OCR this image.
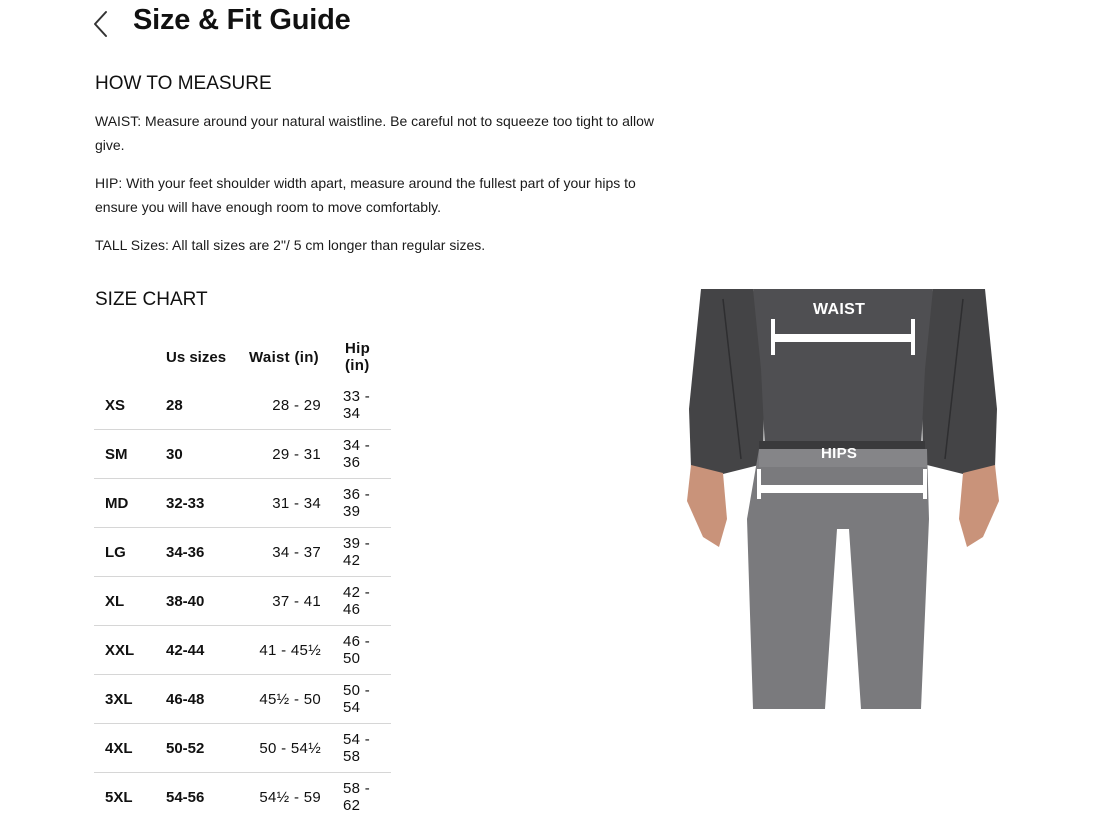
Size & Fit Guide
HOW TO MEASURE

WAIST: Measure around your natural waistline. Be careful not to squeeze too tight to allow give.

HIP: With your feet shoulder width apart, measure around the fullest part of your hips to ensure you will have enough room to move comfortably.

TALL Sizes: All tall sizes are 2"/ 5 cm longer than regular sizes.

SIZE CHART
	Us sizes	Waist (in)	Hip (in)
XS	28	28 - 29	33 - 34
SM	30	29 - 31	34 - 36
MD	32-33	31 - 34	36 - 39
LG	34-36	34 - 37	39 - 42
XL	38-40	37 - 41	42 - 46
XXL	42-44	41 - 45½	46 - 50
3XL	46-48	45½ - 50	50 - 54
4XL	50-52	50 - 54½	54 - 58
5XL	54-56	54½ - 59	58 - 62
WAIST
HIPS
